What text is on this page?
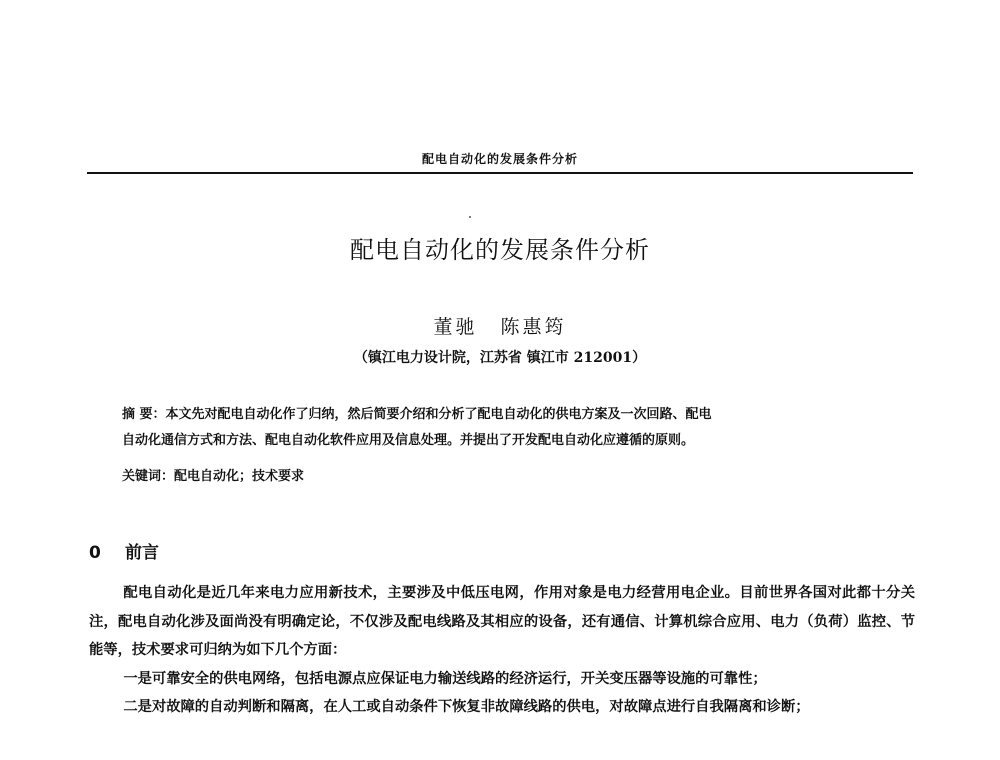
配电自动化的发展条件分析
配电自动化的发展条件分析
董驰 陈惠筠
（镇江电力设计院，江苏省 镇江市 212001）

摘 要：本文先对配电自动化作了归纳，然后简要介绍和分析了配电自动化的供电方案及一次回路、配电

自动化通信方式和方法、配电自动化软件应用及信息处理。并提出了开发配电自动化应遵循的原则。

关键词：配电自动化；技术要求
0 前言

配电自动化是近几年来电力应用新技术，主要涉及中低压电网，作用对象是电力经营用电企业。目前世界各国对此都十分关注，配电自动化涉及面尚没有明确定论，不仅涉及配电线路及其相应的设备，还有通信、计算机综合应用、电力（负荷）监控、节能等，技术要求可归纳为如下几个方面：

一是可靠安全的供电网络，包括电源点应保证电力输送线路的经济运行，开关变压器等设施的可靠性；

二是对故障的自动判断和隔离，在人工或自动条件下恢复非故障线路的供电，对故障点进行自我隔离和诊断；
